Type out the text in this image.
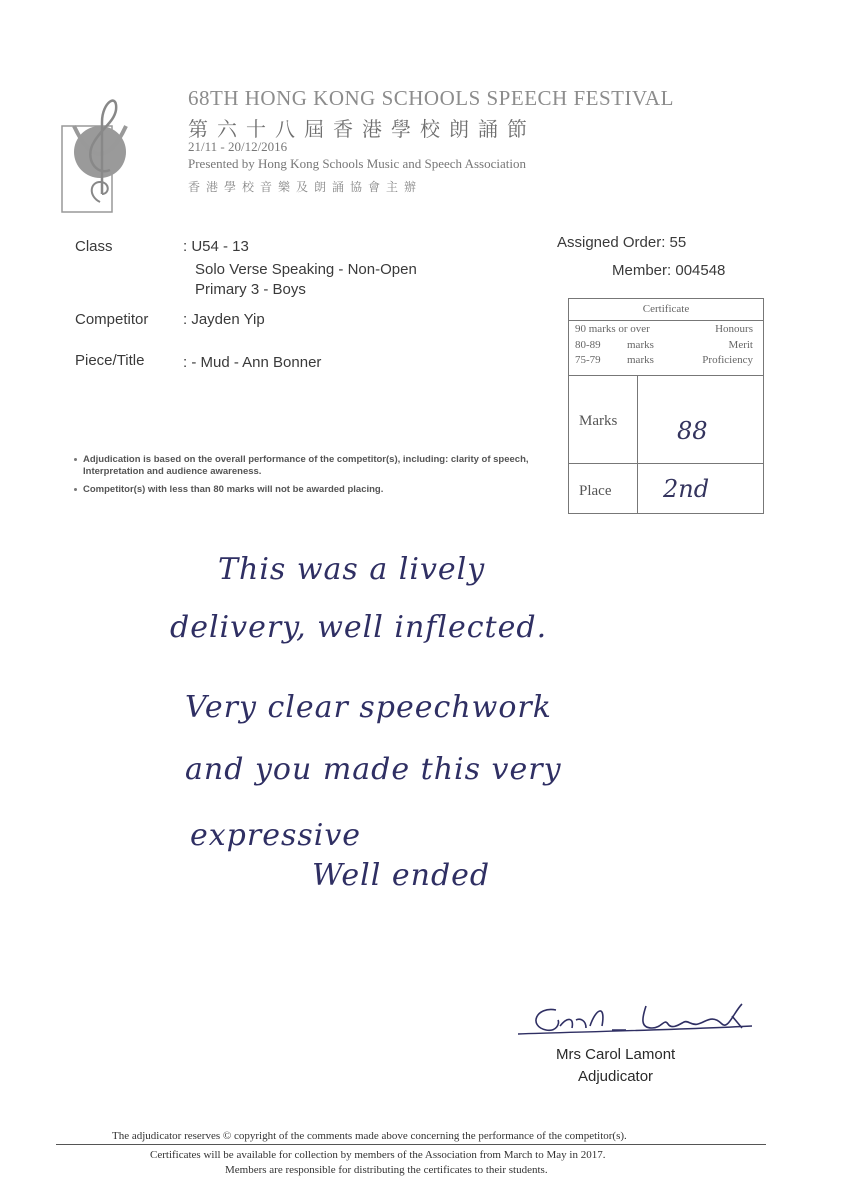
68TH HONG KONG SCHOOLS SPEECH FESTIVAL
第六十八屆香港學校朗誦節
21/11 - 20/12/2016
Presented by Hong Kong Schools Music and Speech Association
香港學校音樂及朗誦協會主辦
Class	: U54 - 13
Solo Verse Speaking - Non-Open
Primary 3 - Boys
Competitor : Jayden Yip
Piece/Title	: - Mud - Ann Bonner
Assigned Order: 55
Member: 004548
Certificate
90 marks or over	Honours
80-89 marks	Merit
75-79 marks	Proficiency
Marks 88
Place 2nd
Adjudication is based on the overall performance of the competitor(s), including: clarity of speech,
Interpretation and audience awareness.
Competitor(s) with less than 80 marks will not be awarded placing.
This was a lively
delivery, well inflected.
Very clear speechwork
and you made this very
expressive
Well ended
Mrs Carol Lamont
Adjudicator
The adjudicator reserves © copyright of the comments made above concerning the performance of the competitor(s).
Certificates will be available for collection by members of the Association from March to May in 2017.
Members are responsible for distributing the certificates to their students.
